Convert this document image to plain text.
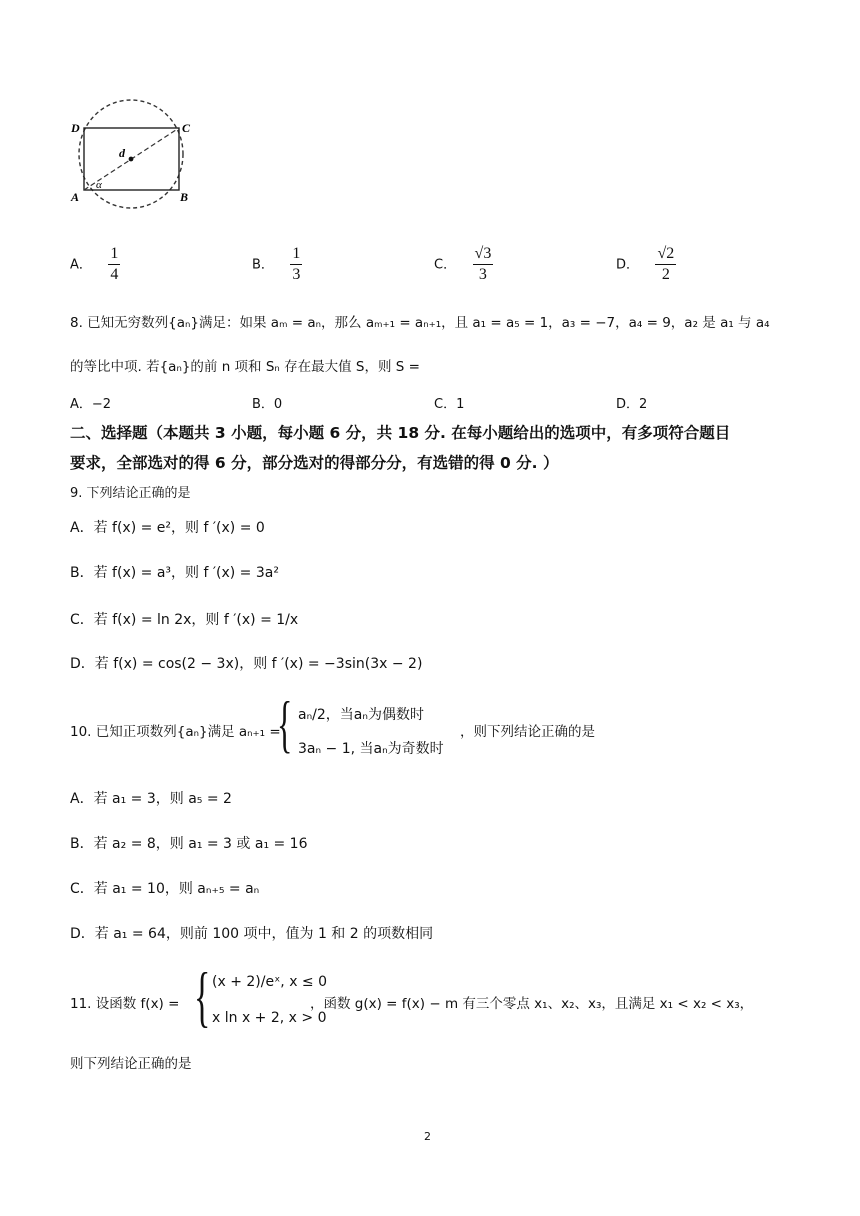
D	C
A	B
d
α
A． $\frac{1}{4}$	B． $\frac{1}{3}$	C． $\frac{√3}{3}$	D． $\frac{√2}{2}$
8. 已知无穷数列{aₙ}满足：如果 aₘ = aₙ，那么 aₘ₊₁ = aₙ₊₁，且 a₁ = a₅ = 1，a₃ = −7，a₄ = 9，a₂ 是 a₁ 与 a₄
的等比中项. 若{aₙ}的前 n 项和 Sₙ 存在最大值 S，则 S =
A．−2	B．0	C．1	D．2
二、选择题（本题共 3 小题，每小题 6 分，共 18 分. 在每小题给出的选项中，有多项符合题目
要求，全部选对的得 6 分，部分选对的得部分分，有选错的得 0 分. ）
9. 下列结论正确的是
A．若 f(x) = e²，则 f ′(x) = 0
B．若 f(x) = a³，则 f ′(x) = 3a²
C．若 f(x) = ln 2x，则 f ′(x) = 1/x
D．若 f(x) = cos(2 − 3x)，则 f ′(x) = −3sin(3x − 2)
10. 已知正项数列{aₙ}满足 aₙ₊₁ =
{ aₙ/2，当aₙ为偶数时
3aₙ − 1, 当aₙ为奇数时
，则下列结论正确的是
A．若 a₁ = 3，则 a₅ = 2
B．若 a₂ = 8，则 a₁ = 3 或 a₁ = 16
C．若 a₁ = 10，则 aₙ₊₅ = aₙ
D．若 a₁ = 64，则前 100 项中，值为 1 和 2 的项数相同
11. 设函数 f(x) = { (x + 2)/eˣ, x ≤ 0
x ln x + 2, x > 0
，函数 g(x) = f(x) − m 有三个零点 x₁、x₂、x₃，且满足 x₁ < x₂ < x₃，
则下列结论正确的是
2
